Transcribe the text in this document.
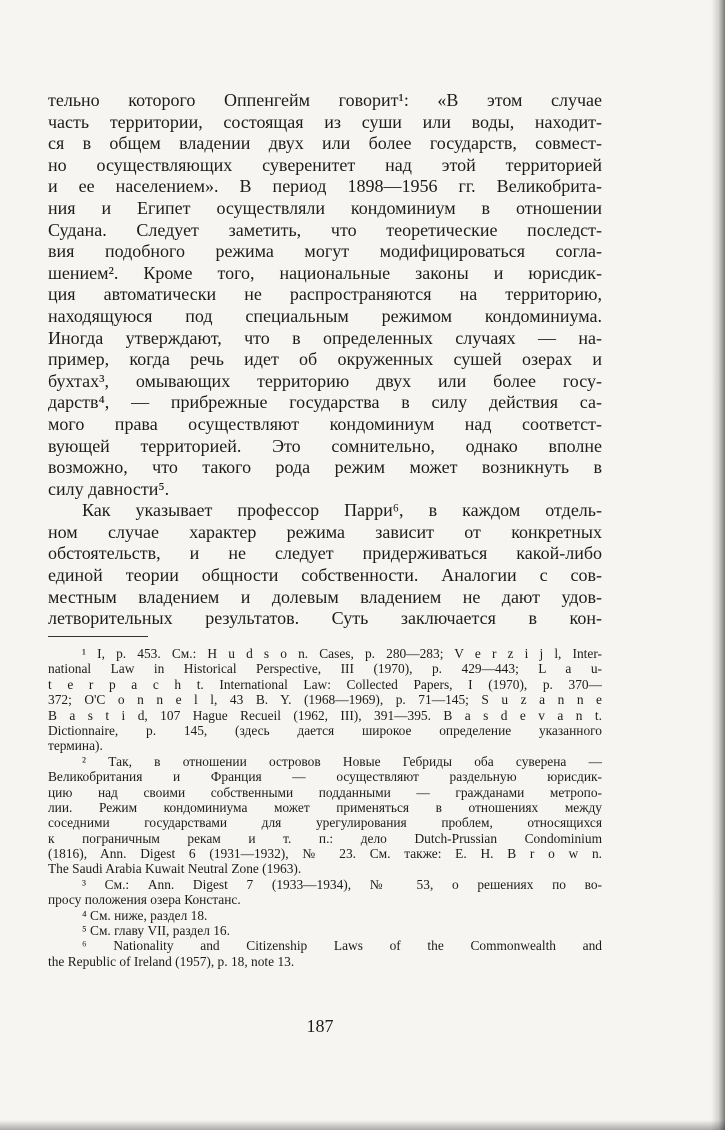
тельно которого Оппенгейм говорит¹: «В этом случае
часть территории, состоящая из суши или воды, находит-
ся в общем владении двух или более государств, совмест-
но осуществляющих суверенитет над этой территорией
и ее населением». В период 1898—1956 гг. Великобрита-
ния и Египет осуществляли кондоминиум в отношении
Судана. Следует заметить, что теоретические последст-
вия подобного режима могут модифицироваться согла-
шением². Кроме того, национальные законы и юрисдик-
ция автоматически не распространяются на территорию,
находящуюся под специальным режимом кондоминиума.
Иногда утверждают, что в определенных случаях — на-
пример, когда речь идет об окруженных сушей озерах и
бухтах³, омывающих территорию двух или более госу-
дарств⁴, — прибрежные государства в силу действия са-
мого права осуществляют кондоминиум над соответст-
вующей территорией. Это сомнительно, однако вполне
возможно, что такого рода режим может возникнуть в
силу давности⁵.
Как указывает профессор Парри⁶, в каждом отдель-
ном случае характер режима зависит от конкретных
обстоятельств, и не следует придерживаться какой-либо
единой теории общности собственности. Аналогии с сов-
местным владением и долевым владением не дают удов-
летворительных результатов. Суть заключается в кон-
¹ I, p. 453. См.: H u d s o n. Cases, p. 280—283; V e r z i j l, Inter-
national Law in Historical Perspective, III (1970), p. 429—443; L a u-
t e r p a c h t. International Law: Collected Papers, I (1970), p. 370—
372; O'C o n n e l l, 43 B. Y. (1968—1969), p. 71—145; S u z a n n e
B a s t i d, 107 Hague Recueil (1962, III), 391—395. B a s d e v a n t.
Dictionnaire, p. 145, (здесь дается широкое определение указанного
термина).
² Так, в отношении островов Новые Гебриды оба суверена —
Великобритания и Франция — осуществляют раздельную юрисдик-
цию над своими собственными подданными — гражданами метропо-
лии. Режим кондоминиума может применяться в отношениях между
соседними государствами для урегулирования проблем, относящихся
к пограничным рекам и т. п.: дело Dutch-Prussian Condominium
(1816), Ann. Digest 6 (1931—1932), № 23. См. также: E. H. B r o w n.
The Saudi Arabia Kuwait Neutral Zone (1963).
³ См.: Ann. Digest 7 (1933—1934), № 53, о решениях по во-
просу положения озера Констанс.
⁴ См. ниже, раздел 18.
⁵ См. главу VII, раздел 16.
⁶ Nationality and Citizenship Laws of the Commonwealth and
the Republic of Ireland (1957), p. 18, note 13.
187
